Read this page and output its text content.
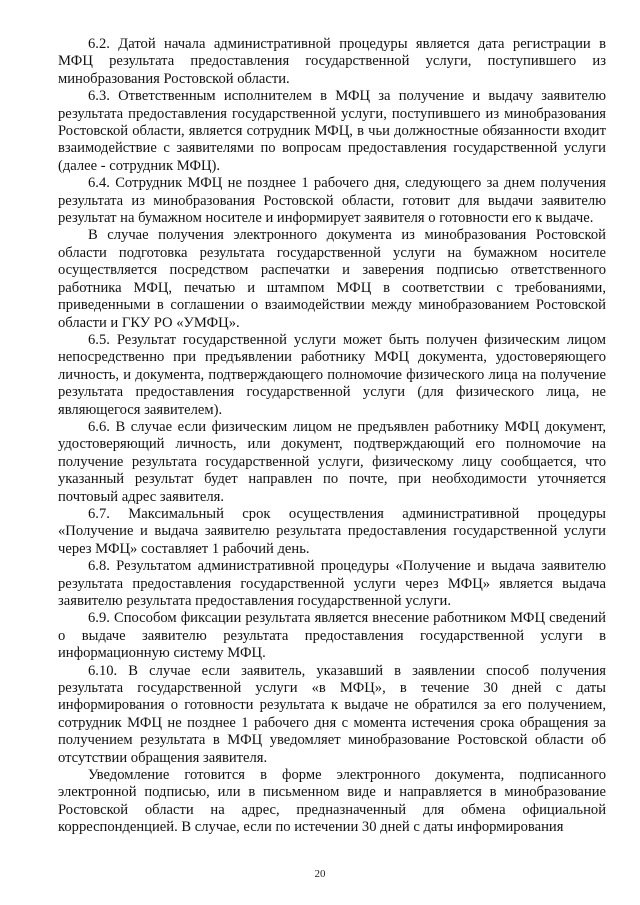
6.2. Датой начала административной процедуры является дата регистрации в МФЦ результата предоставления государственной услуги, поступившего из минобразования Ростовской области.

6.3. Ответственным исполнителем в МФЦ за получение и выдачу заявителю результата предоставления государственной услуги, поступившего из минобразования Ростовской области, является сотрудник МФЦ, в чьи должностные обязанности входит взаимодействие с заявителями по вопросам предоставления государственной услуги (далее - сотрудник МФЦ).

6.4. Сотрудник МФЦ не позднее 1 рабочего дня, следующего за днем получения результата из минобразования Ростовской области, готовит для выдачи заявителю результат на бумажном носителе и информирует заявителя о готовности его к выдаче.

В случае получения электронного документа из минобразования Ростовской области подготовка результата государственной услуги на бумажном носителе осуществляется посредством распечатки и заверения подписью ответственного работника МФЦ, печатью и штампом МФЦ в соответствии с требованиями, приведенными в соглашении о взаимодействии между минобразованием Ростовской области и ГКУ РО «УМФЦ».

6.5. Результат государственной услуги может быть получен физическим лицом непосредственно при предъявлении работнику МФЦ документа, удостоверяющего личность, и документа, подтверждающего полномочие физического лица на получение результата предоставления государственной услуги (для физического лица, не являющегося заявителем).

6.6. В случае если физическим лицом не предъявлен работнику МФЦ документ, удостоверяющий личность, или документ, подтверждающий его полномочие на получение результата государственной услуги, физическому лицу сообщается, что указанный результат будет направлен по почте, при необходимости уточняется почтовый адрес заявителя.

6.7. Максимальный срок осуществления административной процедуры «Получение и выдача заявителю результата предоставления государственной услуги через МФЦ» составляет 1 рабочий день.

6.8. Результатом административной процедуры «Получение и выдача заявителю результата предоставления государственной услуги через МФЦ» является выдача заявителю результата предоставления государственной услуги.

6.9. Способом фиксации результата является внесение работником МФЦ сведений о выдаче заявителю результата предоставления государственной услуги в информационную систему МФЦ.

6.10. В случае если заявитель, указавший в заявлении способ получения результата государственной услуги «в МФЦ», в течение 30 дней с даты информирования о готовности результата к выдаче не обратился за его получением, сотрудник МФЦ не позднее 1 рабочего дня с момента истечения срока обращения за получением результата в МФЦ уведомляет минобразование Ростовской области об отсутствии обращения заявителя.

Уведомление готовится в форме электронного документа, подписанного электронной подписью, или в письменном виде и направляется в минобразование Ростовской области на адрес, предназначенный для обмена официальной корреспонденцией. В случае, если по истечении 30 дней с даты информирования

20
